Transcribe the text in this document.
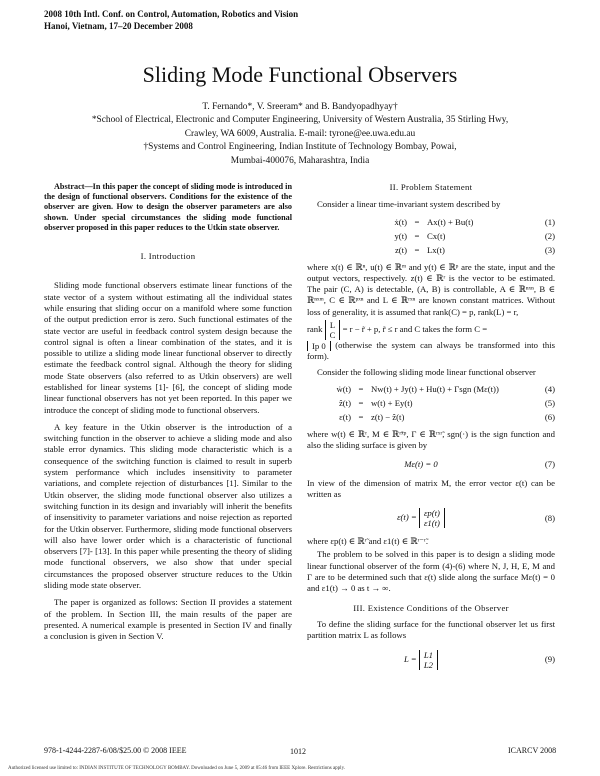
2008 10th Intl. Conf. on Control, Automation, Robotics and Vision
Hanoi, Vietnam, 17–20 December 2008
Sliding Mode Functional Observers
T. Fernando*, V. Sreeram* and B. Bandyopadhyay†
*School of Electrical, Electronic and Computer Engineering, University of Western Australia, 35 Stirling Hwy,
Crawley, WA 6009, Australia. E-mail: tyrone@ee.uwa.edu.au
†Systems and Control Engineering, Indian Institute of Technology Bombay, Powai,
Mumbai-400076, Maharashtra, India

Abstract—In this paper the concept of sliding mode is introduced in the design of functional observers. Conditions for the existence of the observer are given. How to design the observer parameters are also shown. Under special circumstances the sliding mode functional observer proposed in this paper reduces to the Utkin state observer.

I. Introduction

Sliding mode functional observers estimate linear functions of the state vector of a system without estimating all the individual states while ensuring that sliding occur on a manifold where some function of the output prediction error is zero. Such functional estimates of the state vector are useful in feedback control system design because the control signal is often a linear combination of the states, and it is possible to utilize a sliding mode linear functional observer to directly estimate the feedback control signal. Although the theory for sliding mode State observers (also referred to as Utkin observers) are well established for linear systems [1]- [6], the concept of sliding mode linear functional observers has not yet been reported. In this paper we introduce the concept of sliding mode to functional observers.

A key feature in the Utkin observer is the introduction of a switching function in the observer to achieve a sliding mode and also stable error dynamics. This sliding mode characteristic which is a consequence of the switching function is claimed to result in superb system performance which includes insensitivity to parameter variations, and complete rejection of disturbances [1]. Similar to the Utkin observer, the sliding mode functional observer also utilizes a switching function in its design and invariably will inherit the benefits of insensitivity to parameter variations and noise rejection as reported for the Utkin observer. Furthermore, sliding mode functional observers will also have lower order which is a characteristic of functional observers [7]- [13]. In this paper while presenting the theory of sliding mode functional observers, we also show that under special circumstances the proposed observer structure reduces to the Utkin sliding mode state observer.

The paper is organized as follows: Section II provides a statement of the problem. In Section III, the main results of the paper are presented. A numerical example is presented in Section IV and finally a conclusion is given in Section V.

II. Problem Statement

Consider a linear time-invariant system described by

ẋ(t) = Ax(t) + Bu(t)	(1)
y(t) = Cx(t)	(2)
z(t) = Lx(t)	(3)

where x(t) ∈ ℝⁿ, u(t) ∈ ℝᵐ and y(t) ∈ ℝᵖ are the state, input and the output vectors, respectively. z(t) ∈ ℝʳ is the vector to be estimated. The pair (C, A) is detectable, (A, B) is controllable, A ∈ ℝⁿˣⁿ, B ∈ ℝⁿˣᵐ, C ∈ ℝᵖˣⁿ and L ∈ ℝʳˣⁿ are known constant matrices. Without loss of generality, it is assumed that rank(C) = p, rank(L) = r,

rank L
C = r − r̃ + p, r̃ ≤ r and C takes the form C =

Ip 0 (otherwise the system can always be transformed into this form).

Consider the following sliding mode linear functional observer

ẇ(t) = Nw(t) + Jy(t) + Hu(t) + Γsgn (Mε(t))	(4)
ẑ(t) = w(t) + Ey(t)	(5)
ε(t) = z(t) − ẑ(t)	(6)

where w(t) ∈ ℝʳ, M ∈ ℝʳ̃ˣᵖ, Γ ∈ ℝʳˣʳ̃, sgn(·) is the sign function and also the sliding surface is given by

Mε(t) = 0	(7)

In view of the dimension of matrix M, the error vector ε(t) can be written as

ε(t) = εp(t)
ε1(t)
(8)

where εp(t) ∈ ℝʳ̃ and ε1(t) ∈ ℝʳ⁻ʳ̃.

The problem to be solved in this paper is to design a sliding mode linear functional observer of the form (4)-(6) where N, J, H, E, M and Γ are to be determined such that ε(t) slide along the surface Mε(t) = 0 and ε1(t) → 0 as t → ∞.

III. Existence Conditions of the Observer

To define the sliding surface for the functional observer let us first partition matrix L as follows

L = L1
L2
(9)
978-1-4244-2287-6/08/$25.00 © 2008 IEEE	1012	ICARCV 2008
Authorized licensed use limited to: INDIAN INSTITUTE OF TECHNOLOGY BOMBAY. Downloaded on June 5, 2009 at 05:46 from IEEE Xplore. Restrictions apply.
